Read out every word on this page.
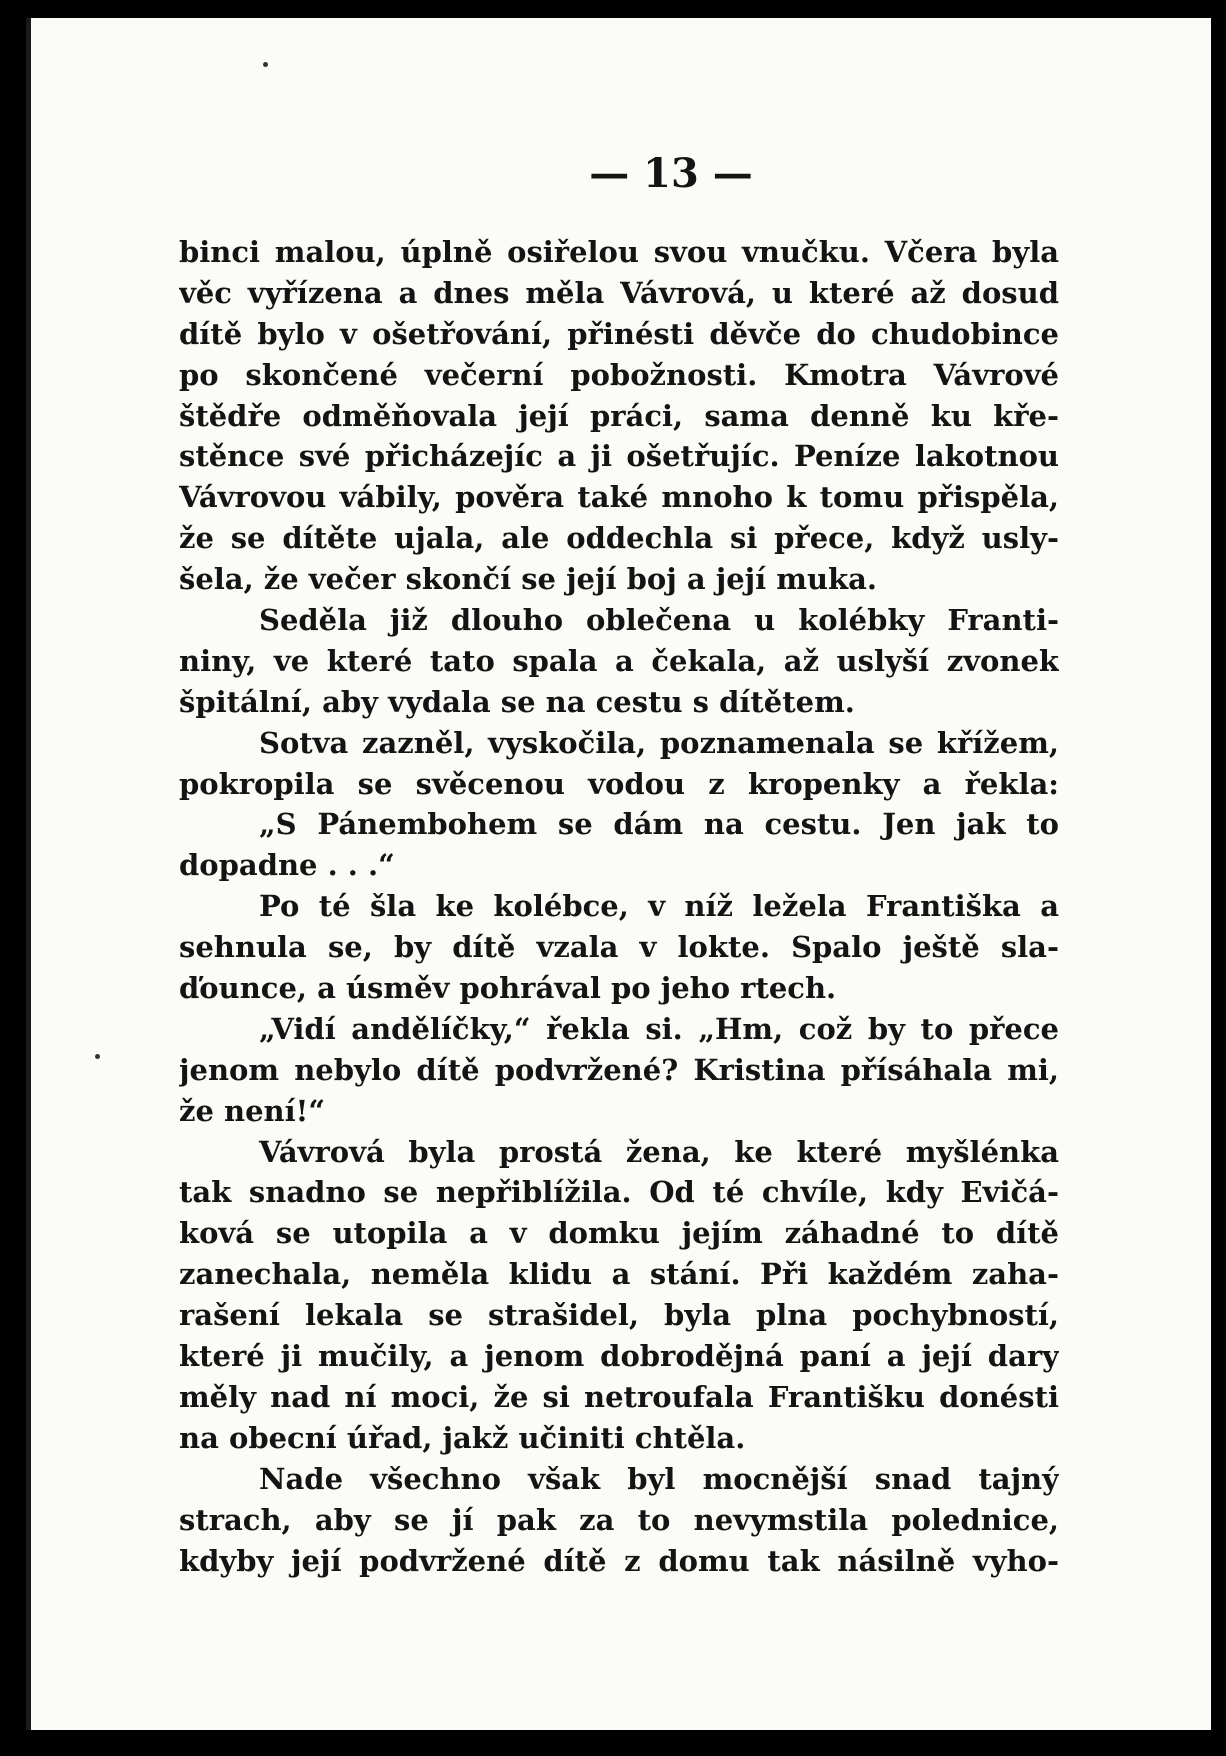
— 13 —
binci malou, úplně osiřelou svou vnučku. Včera byla
věc vyřízena a dnes měla Vávrová, u které až dosud
dítě bylo v ošetřování, přinésti děvče do chudobince
po skončené večerní pobožnosti. Kmotra Vávrové
štědře odměňovala její práci, sama denně ku kře-
stěnce své přicházejíc a ji ošetřujíc. Peníze lakotnou
Vávrovou vábily, pověra také mnoho k tomu přispěla,
že se dítěte ujala, ale oddechla si přece, když usly-
šela, že večer skončí se její boj a její muka.
Seděla již dlouho oblečena u kolébky Franti-
niny, ve které tato spala a čekala, až uslyší zvonek
špitální, aby vydala se na cestu s dítětem.
Sotva zazněl, vyskočila, poznamenala se křížem,
pokropila se svěcenou vodou z kropenky a řekla:
„S Pánembohem se dám na cestu. Jen jak to
dopadne . . .“
Po té šla ke kolébce, v níž ležela Františka a
sehnula se, by dítě vzala v lokte. Spalo ještě sla-
ďounce, a úsměv pohrával po jeho rtech.
„Vidí andělíčky,“ řekla si. „Hm, což by to přece
jenom nebylo dítě podvržené? Kristina přísáhala mi,
že není!“
Vávrová byla prostá žena, ke které myšlénka
tak snadno se nepřiblížila. Od té chvíle, kdy Evičá-
ková se utopila a v domku jejím záhadné to dítě
zanechala, neměla klidu a stání. Při každém zaha-
rašení lekala se strašidel, byla plna pochybností,
které ji mučily, a jenom dobrodějná paní a její dary
měly nad ní moci, že si netroufala Františku donésti
na obecní úřad, jakž učiniti chtěla.
Nade všechno však byl mocnější snad tajný
strach, aby se jí pak za to nevymstila polednice,
kdyby její podvržené dítě z domu tak násilně vyho-
